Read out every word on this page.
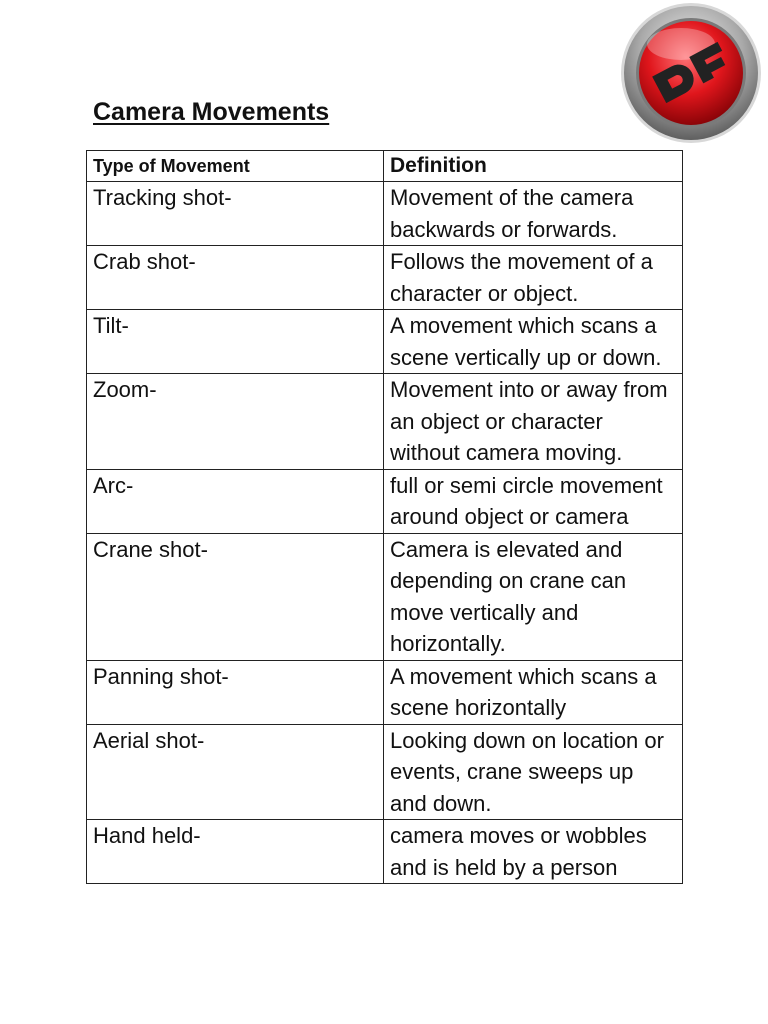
Camera Movements
Type of Movement	Definition
Tracking shot-	Movement of the camera backwards or forwards.
Crab shot-	Follows the movement of a character or object.
Tilt-	A movement which scans a scene vertically up or down.
Zoom-	Movement into or away from an object or character without camera moving.
Arc-	full or semi circle movement around object or camera
Crane shot-	Camera is elevated and depending on crane can move vertically and horizontally.
Panning shot-	A movement which scans a scene horizontally
Aerial shot-	Looking down on location or events, crane sweeps up and down.
Hand held-	camera moves or wobbles and is held by a person
